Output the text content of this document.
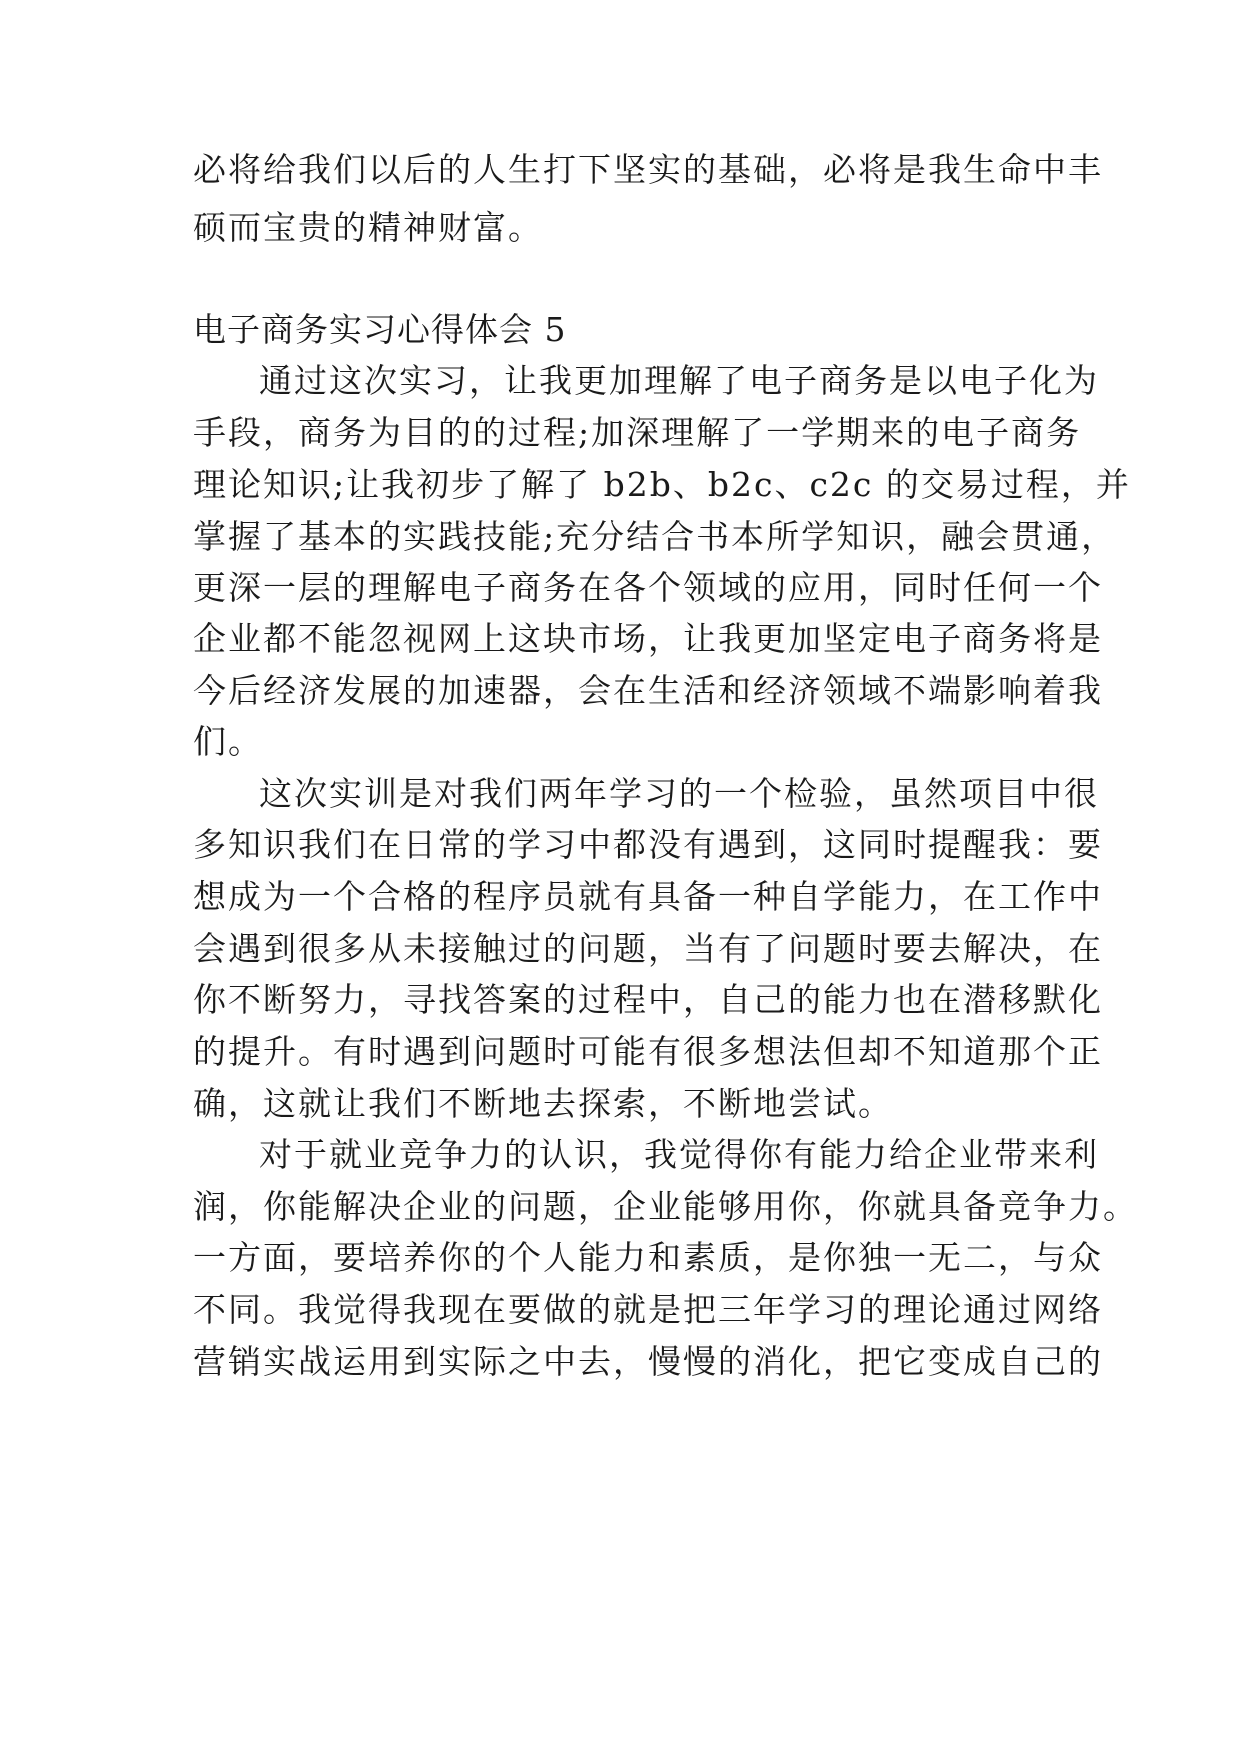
必将给我们以后的人生打下坚实的基础，必将是我生命中丰
硕而宝贵的精神财富。
电子商务实习心得体会 5
通过这次实习，让我更加理解了电子商务是以电子化为
手段，商务为目的的过程;加深理解了一学期来的电子商务
理论知识;让我初步了解了 b2b、b2c、c2c 的交易过程，并
掌握了基本的实践技能;充分结合书本所学知识，融会贯通，
更深一层的理解电子商务在各个领域的应用，同时任何一个
企业都不能忽视网上这块市场，让我更加坚定电子商务将是
今后经济发展的加速器，会在生活和经济领域不端影响着我
们。
这次实训是对我们两年学习的一个检验，虽然项目中很
多知识我们在日常的学习中都没有遇到，这同时提醒我：要
想成为一个合格的程序员就有具备一种自学能力，在工作中
会遇到很多从未接触过的问题，当有了问题时要去解决，在
你不断努力，寻找答案的过程中，自己的能力也在潜移默化
的提升。有时遇到问题时可能有很多想法但却不知道那个正
确，这就让我们不断地去探索，不断地尝试。
对于就业竞争力的认识，我觉得你有能力给企业带来利
润，你能解决企业的问题，企业能够用你，你就具备竞争力。
一方面，要培养你的个人能力和素质，是你独一无二，与众
不同。我觉得我现在要做的就是把三年学习的理论通过网络
营销实战运用到实际之中去，慢慢的消化，把它变成自己的
